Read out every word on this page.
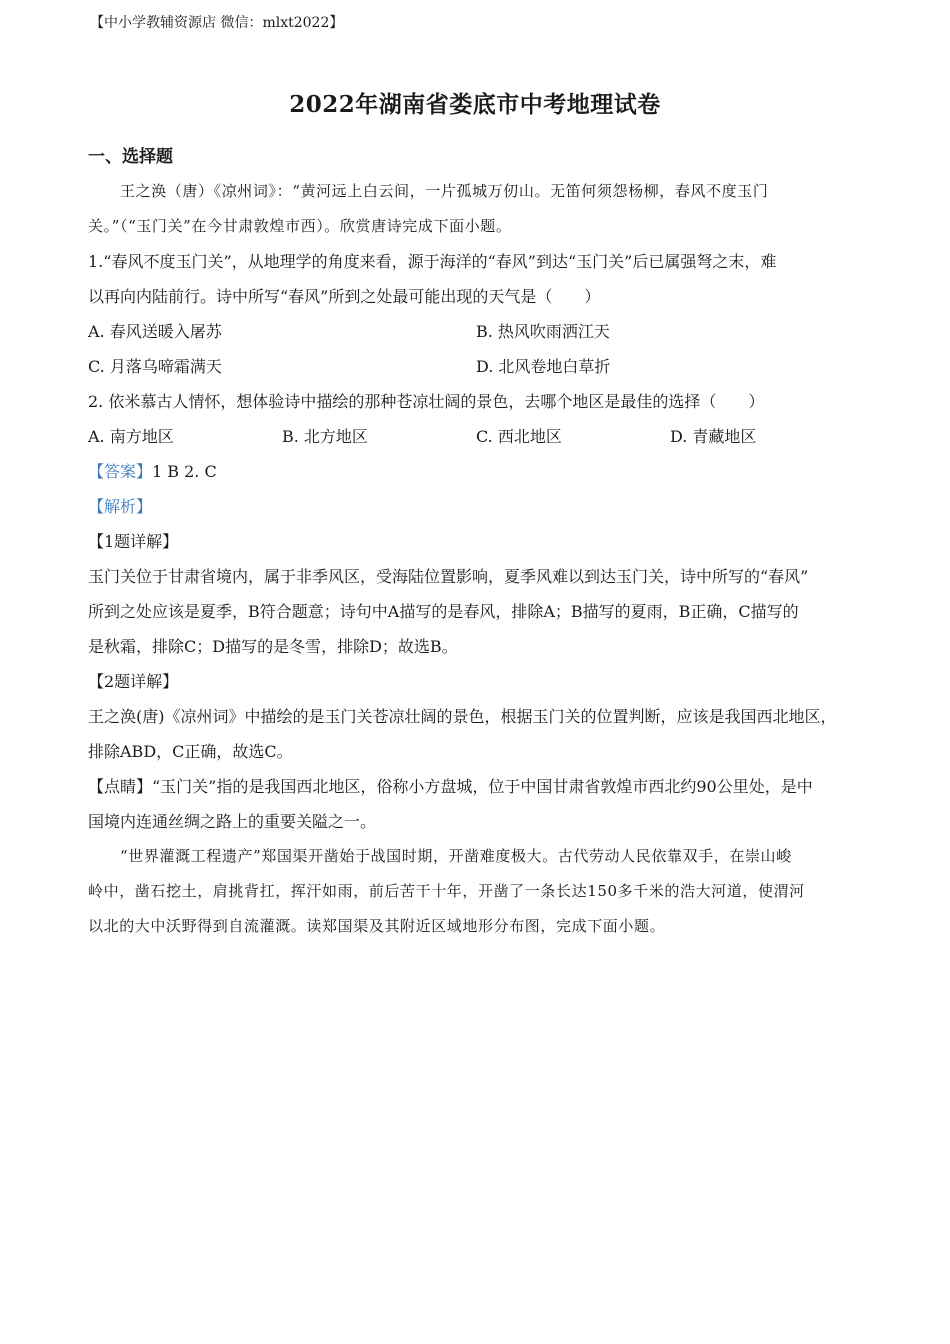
【中小学教辅资源店 微信：mlxt2022】
2022年湖南省娄底市中考地理试卷
一、选择题
王之涣（唐）《凉州词》：“黄河远上白云间，一片孤城万仞山。无笛何须怨杨柳，春风不度玉门
关。”（“玉门关”在今甘肃敦煌市西）。欣赏唐诗完成下面小题。
1.“春风不度玉门关”，从地理学的角度来看，源于海洋的“春风”到达“玉门关”后已属强弩之末，难
以再向内陆前行。诗中所写“春风”所到之处最可能出现的天气是（　　）
A. 春风送暖入屠苏	B. 热风吹雨洒江天
C. 月落乌啼霜满天	D. 北风卷地白草折
2. 依米慕古人情怀，想体验诗中描绘的那种苍凉壮阔的景色，去哪个地区是最佳的选择（　　）
A. 南方地区	B. 北方地区	C. 西北地区	D. 青藏地区
【答案】1 B 2. C
【解析】
【1题详解】
玉门关位于甘肃省境内，属于非季风区，受海陆位置影响，夏季风难以到达玉门关，诗中所写的“春风”
所到之处应该是夏季，B符合题意；诗句中A描写的是春风，排除A；B描写的夏雨，B正确，C描写的
是秋霜，排除C；D描写的是冬雪，排除D；故选B。
【2题详解】
王之涣(唐)《凉州词》中描绘的是玉门关苍凉壮阔的景色，根据玉门关的位置判断，应该是我国西北地区，
排除ABD，C正确，故选C。
【点睛】“玉门关”指的是我国西北地区，俗称小方盘城，位于中国甘肃省敦煌市西北约90公里处，是中
国境内连通丝绸之路上的重要关隘之一。
“世界灌溉工程遗产”郑国渠开凿始于战国时期，开凿难度极大。古代劳动人民依靠双手，在崇山峻
岭中，凿石挖土，肩挑背扛，挥汗如雨，前后苦干十年，开凿了一条长达150多千米的浩大河道，使渭河
以北的大中沃野得到自流灌溉。读郑国渠及其附近区域地形分布图，完成下面小题。
